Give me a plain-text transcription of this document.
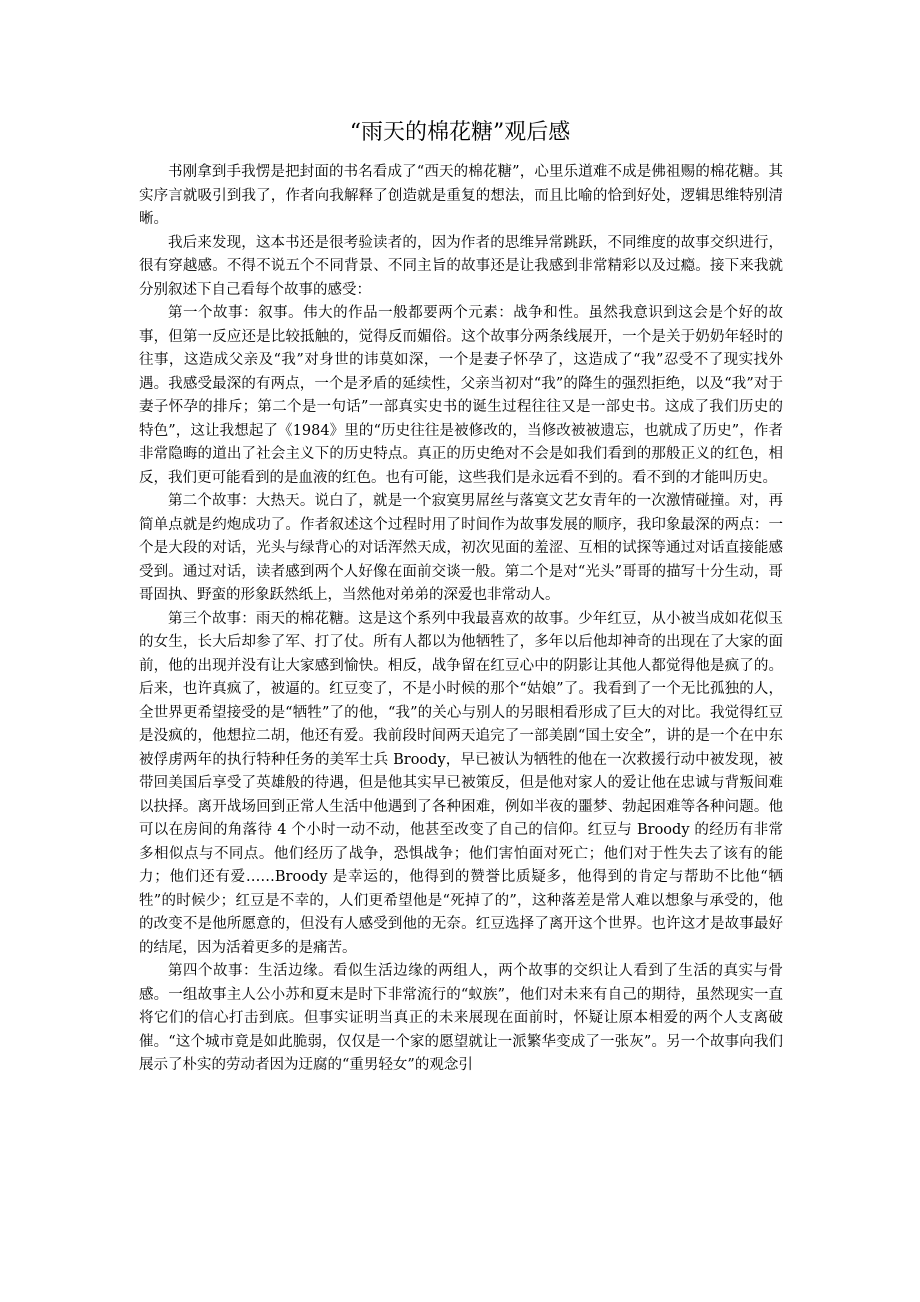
“雨天的棉花糖”观后感

书刚拿到手我愣是把封面的书名看成了“西天的棉花糖”，心里乐道难不成是佛祖赐的棉花糖。其实序言就吸引到我了，作者向我解释了创造就是重复的想法，而且比喻的恰到好处，逻辑思维特别清晰。

我后来发现，这本书还是很考验读者的，因为作者的思维异常跳跃，不同维度的故事交织进行，很有穿越感。不得不说五个不同背景、不同主旨的故事还是让我感到非常精彩以及过瘾。接下来我就分别叙述下自己看每个故事的感受：

第一个故事：叙事。伟大的作品一般都要两个元素：战争和性。虽然我意识到这会是个好的故事，但第一反应还是比较抵触的，觉得反而媚俗。这个故事分两条线展开，一个是关于奶奶年轻时的往事，这造成父亲及“我”对身世的讳莫如深，一个是妻子怀孕了，这造成了“我”忍受不了现实找外遇。我感受最深的有两点，一个是矛盾的延续性，父亲当初对“我”的降生的强烈拒绝，以及“我”对于妻子怀孕的排斥；第二个是一句话”一部真实史书的诞生过程往往又是一部史书。这成了我们历史的特色”，这让我想起了《1984》里的“历史往往是被修改的，当修改被被遗忘，也就成了历史”，作者非常隐晦的道出了社会主义下的历史特点。真正的历史绝对不会是如我们看到的那般正义的红色，相反，我们更可能看到的是血液的红色。也有可能，这些我们是永远看不到的。看不到的才能叫历史。

第二个故事：大热天。说白了，就是一个寂寞男屌丝与落寞文艺女青年的一次激情碰撞。对，再简单点就是约炮成功了。作者叙述这个过程时用了时间作为故事发展的顺序，我印象最深的两点：一个是大段的对话，光头与绿背心的对话浑然天成，初次见面的羞涩、互相的试探等通过对话直接能感受到。通过对话，读者感到两个人好像在面前交谈一般。第二个是对“光头”哥哥的描写十分生动，哥哥固执、野蛮的形象跃然纸上，当然他对弟弟的深爱也非常动人。

第三个故事：雨天的棉花糖。这是这个系列中我最喜欢的故事。少年红豆，从小被当成如花似玉的女生，长大后却参了军、打了仗。所有人都以为他牺牲了，多年以后他却神奇的出现在了大家的面前，他的出现并没有让大家感到愉快。相反，战争留在红豆心中的阴影让其他人都觉得他是疯了的。后来，也许真疯了，被逼的。红豆变了，不是小时候的那个“姑娘”了。我看到了一个无比孤独的人，全世界更希望接受的是“牺牲”了的他，“我”的关心与别人的另眼相看形成了巨大的对比。我觉得红豆是没疯的，他想拉二胡，他还有爱。我前段时间两天追完了一部美剧“国土安全”，讲的是一个在中东被俘虏两年的执行特种任务的美军士兵 Broody，早已被认为牺牲的他在一次救援行动中被发现，被带回美国后享受了英雄般的待遇，但是他其实早已被策反，但是他对家人的爱让他在忠诚与背叛间难以抉择。离开战场回到正常人生活中他遇到了各种困难，例如半夜的噩梦、勃起困难等各种问题。他可以在房间的角落待 4 个小时一动不动，他甚至改变了自己的信仰。红豆与 Broody 的经历有非常多相似点与不同点。他们经历了战争，恐惧战争；他们害怕面对死亡；他们对于性失去了该有的能力；他们还有爱……Broody 是幸运的，他得到的赞誉比质疑多，他得到的肯定与帮助不比他“牺牲”的时候少；红豆是不幸的，人们更希望他是“死掉了的”，这种落差是常人难以想象与承受的，他的改变不是他所愿意的，但没有人感受到他的无奈。红豆选择了离开这个世界。也许这才是故事最好的结尾，因为活着更多的是痛苦。

第四个故事：生活边缘。看似生活边缘的两组人，两个故事的交织让人看到了生活的真实与骨感。一组故事主人公小苏和夏末是时下非常流行的“蚁族”，他们对未来有自己的期待，虽然现实一直将它们的信心打击到底。但事实证明当真正的未来展现在面前时，怀疑让原本相爱的两个人支离破催。“这个城市竟是如此脆弱，仅仅是一个家的愿望就让一派繁华变成了一张灰”。另一个故事向我们展示了朴实的劳动者因为迂腐的“重男轻女”的观念引
